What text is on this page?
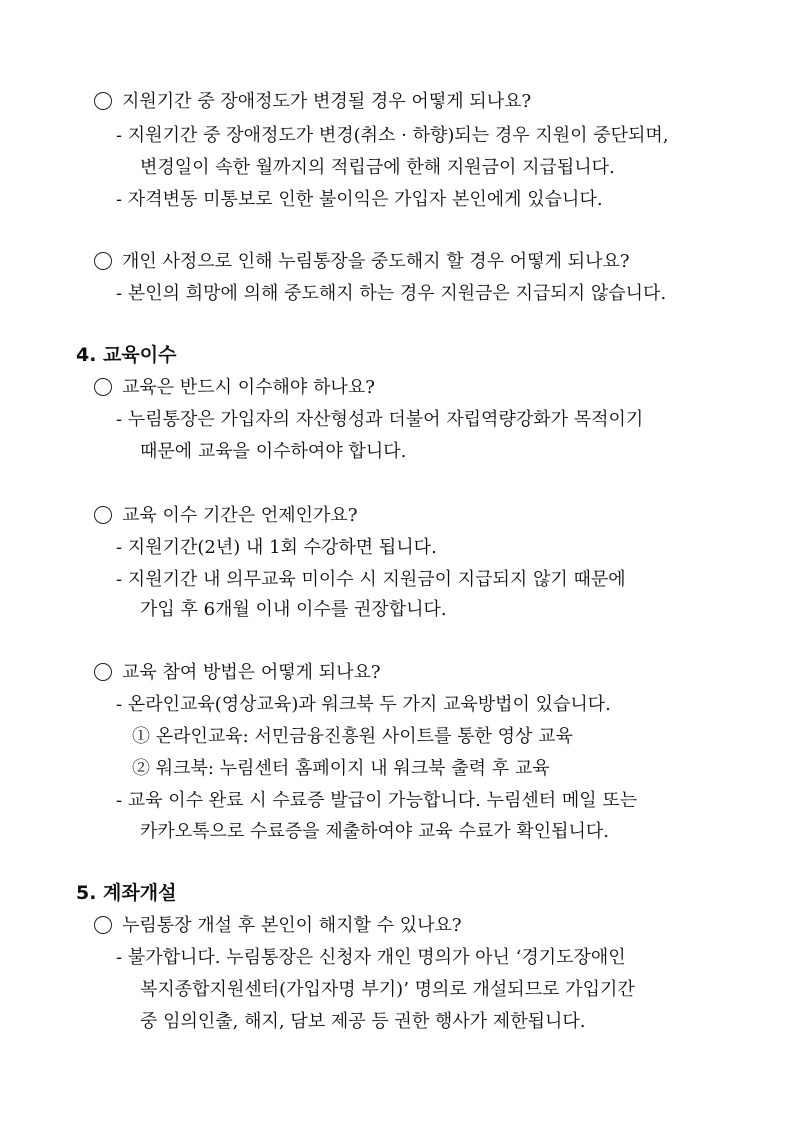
지원기간 중 장애정도가 변경될 경우 어떻게 되나요?
- 지원기간 중 장애정도가 변경(취소 · 하향)되는 경우 지원이 중단되며,
변경일이 속한 월까지의 적립금에 한해 지원금이 지급됩니다.
- 자격변동 미통보로 인한 불이익은 가입자 본인에게 있습니다.
개인 사정으로 인해 누림통장을 중도해지 할 경우 어떻게 되나요?
- 본인의 희망에 의해 중도해지 하는 경우 지원금은 지급되지 않습니다.
4. 교육이수
교육은 반드시 이수해야 하나요?
- 누림통장은 가입자의 자산형성과 더불어 자립역량강화가 목적이기
때문에 교육을 이수하여야 합니다.
교육 이수 기간은 언제인가요?
- 지원기간(2년) 내 1회 수강하면 됩니다.
- 지원기간 내 의무교육 미이수 시 지원금이 지급되지 않기 때문에
가입 후 6개월 이내 이수를 권장합니다.
교육 참여 방법은 어떻게 되나요?
- 온라인교육(영상교육)과 워크북 두 가지 교육방법이 있습니다.
① 온라인교육: 서민금융진흥원 사이트를 통한 영상 교육
② 워크북: 누림센터 홈페이지 내 워크북 출력 후 교육
- 교육 이수 완료 시 수료증 발급이 가능합니다. 누림센터 메일 또는
카카오톡으로 수료증을 제출하여야 교육 수료가 확인됩니다.
5. 계좌개설
누림통장 개설 후 본인이 해지할 수 있나요?
- 불가합니다. 누림통장은 신청자 개인 명의가 아닌 ‘경기도장애인
복지종합지원센터(가입자명 부기)’ 명의로 개설되므로 가입기간
중 임의인출, 해지, 담보 제공 등 권한 행사가 제한됩니다.
